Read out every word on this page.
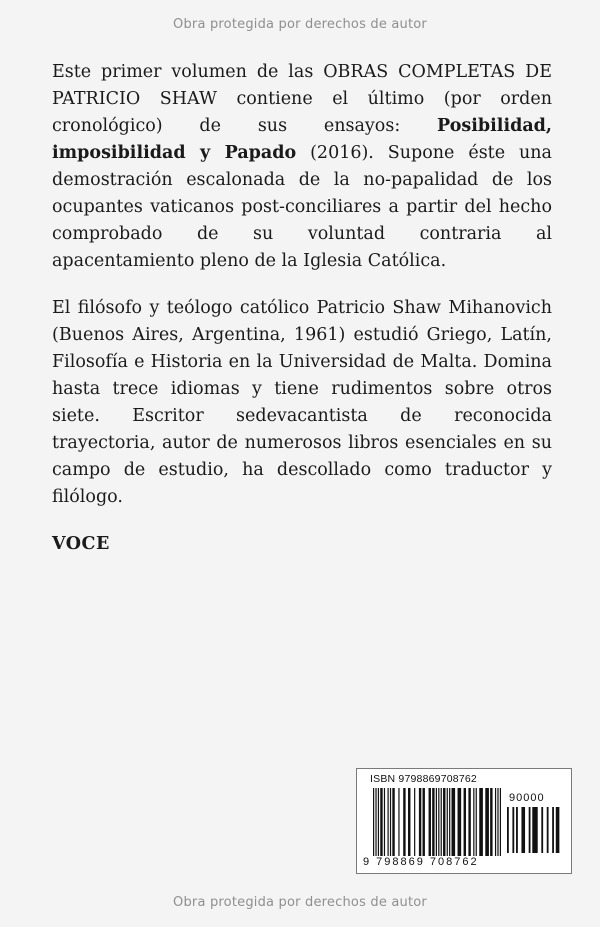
Obra protegida por derechos de autor

Este primer volumen de las OBRAS COMPLETAS DE PATRICIO SHAW contiene el último (por orden cronológico) de sus ensayos: Posibilidad, imposibilidad y Papado (2016). Supone éste una demostración escalonada de la no-papalidad de los ocupantes vaticanos post-conciliares a partir del hecho comprobado de su voluntad contraria al apacentamiento pleno de la Iglesia Católica.

El filósofo y teólogo católico Patricio Shaw Mihanovich (Buenos Aires, Argentina, 1961) estudió Griego, Latín, Filosofía e Historia en la Universidad de Malta. Domina hasta trece idiomas y tiene rudimentos sobre otros siete. Escritor sedevacantista de reconocida trayectoria, autor de numerosos libros esenciales en su campo de estudio, ha descollado como traductor y filólogo.

VOCE
ISBN 9798869708762
90000
9 798869 708762
Obra protegida por derechos de autor
